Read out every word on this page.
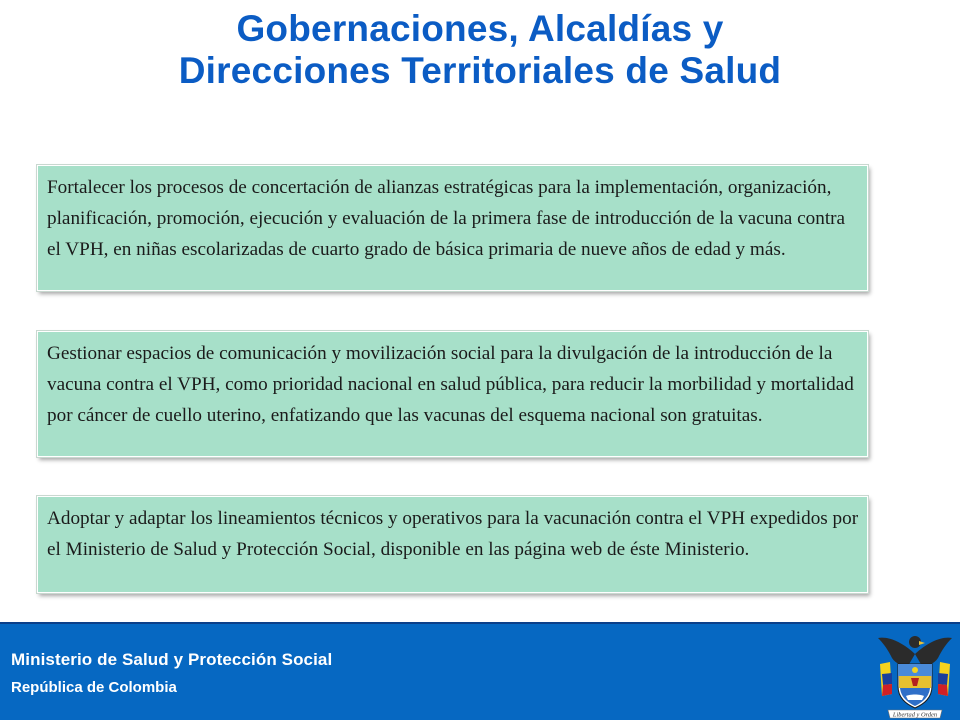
Gobernaciones, Alcaldías y
Direcciones Territoriales de Salud
Fortalecer los procesos de concertación de alianzas estratégicas para la implementación, organización, planificación, promoción, ejecución y evaluación de la primera fase de introducción de la vacuna contra el VPH, en niñas escolarizadas de cuarto grado de básica primaria de nueve años de edad y más.
Gestionar espacios de comunicación y movilización social para la divulgación de la introducción de la vacuna contra el VPH, como prioridad nacional en salud pública, para reducir la morbilidad y mortalidad por cáncer de cuello uterino, enfatizando que las vacunas del esquema nacional son gratuitas.
Adoptar y adaptar los lineamientos técnicos y operativos para la vacunación contra el VPH expedidos por el Ministerio de Salud y Protección Social, disponible en las página web de éste Ministerio.
Ministerio de Salud y Protección Social
República de Colombia
Libertad y Orden
